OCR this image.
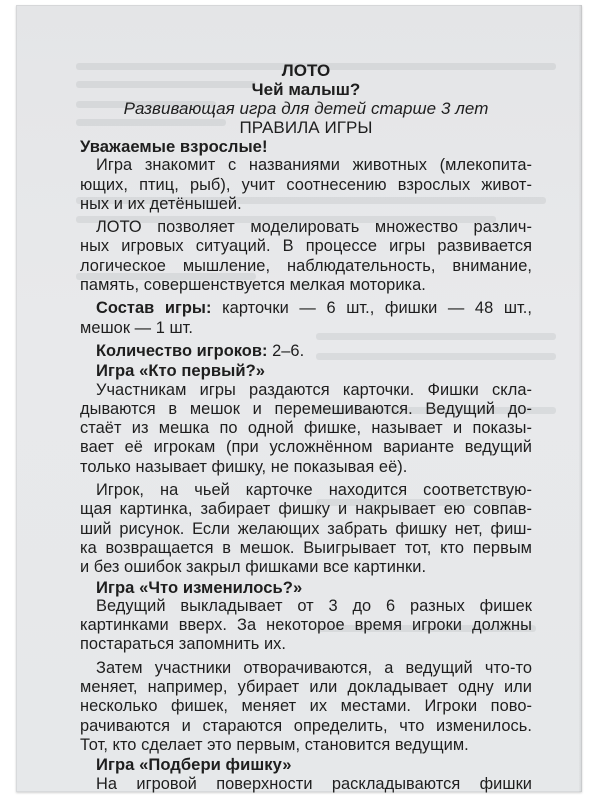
ЛОТО
Чей малыш?
Развивающая игра для детей старше 3 лет
ПРАВИЛА ИГРЫ
Уважаемые взрослые!
Игра знакомит с названиями животных (млекопита-
ющих, птиц, рыб), учит соотнесению взрослых живот-
ных и их детёнышей.
ЛОТО позволяет моделировать множество различ-
ных игровых ситуаций. В процессе игры развивается
логическое мышление, наблюдательность, внимание,
память, совершенствуется мелкая моторика.
Состав игры: карточки — 6 шт., фишки — 48 шт.,
мешок — 1 шт.
Количество игроков: 2–6.
Игра «Кто первый?»
Участникам игры раздаются карточки. Фишки скла-
дываются в мешок и перемешиваются. Ведущий до-
стаёт из мешка по одной фишке, называет и показы-
вает её игрокам (при усложнённом варианте ведущий
только называет фишку, не показывая её).
Игрок, на чьей карточке находится соответствую-
щая картинка, забирает фишку и накрывает ею совпав-
ший рисунок. Если желающих забрать фишку нет, фиш-
ка возвращается в мешок. Выигрывает тот, кто первым
и без ошибок закрыл фишками все картинки.
Игра «Что изменилось?»
Ведущий выкладывает от 3 до 6 разных фишек
картинками вверх. За некоторое время игроки должны
постараться запомнить их.
Затем участники отворачиваются, а ведущий что-то
меняет, например, убирает или докладывает одну или
несколько фишек, меняет их местами. Игроки пово-
рачиваются и стараются определить, что изменилось.
Тот, кто сделает это первым, становится ведущим.
Игра «Подбери фишку»
На игровой поверхности раскладываются фишки
